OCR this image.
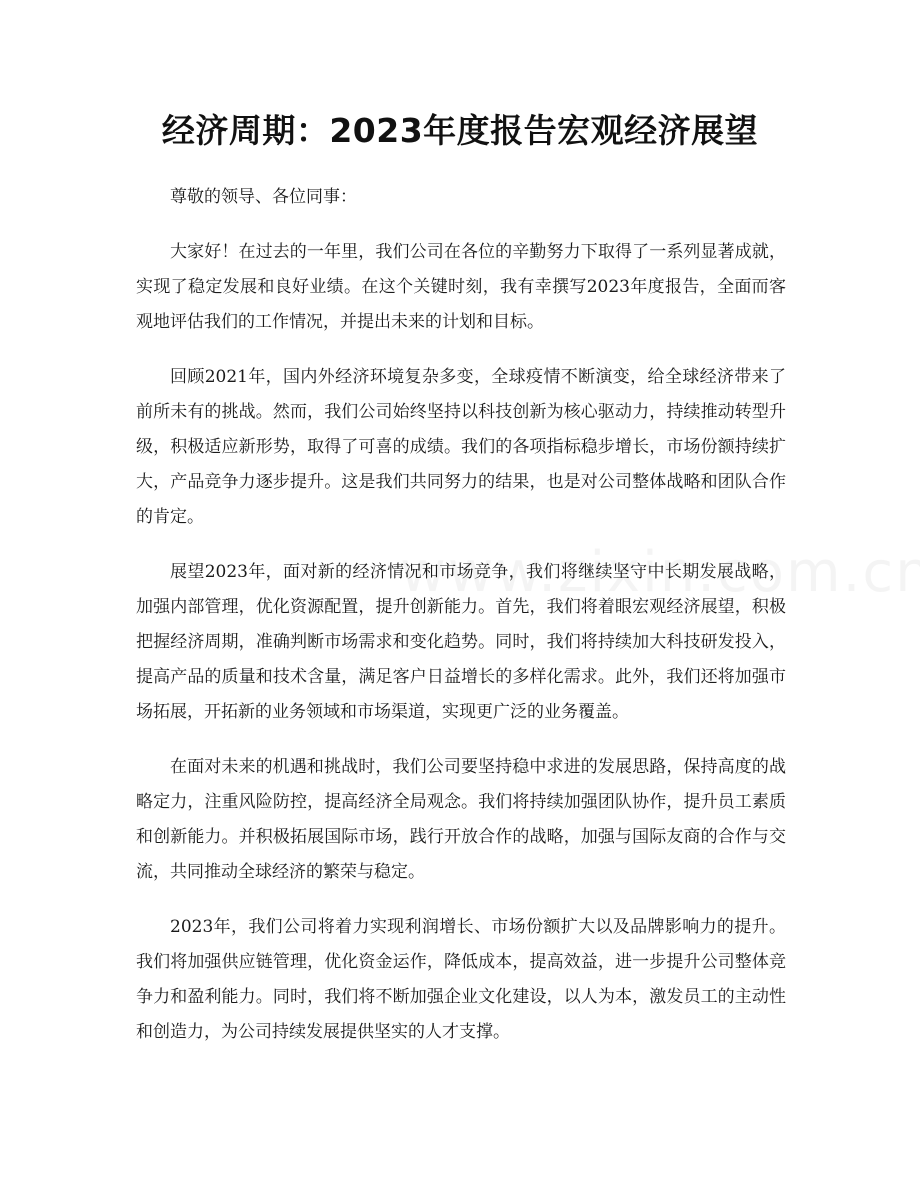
经济周期：2023年度报告宏观经济展望

尊敬的领导、各位同事：

大家好！在过去的一年里，我们公司在各位的辛勤努力下取得了一系列显著成就，实现了稳定发展和良好业绩。在这个关键时刻，我有幸撰写2023年度报告，全面而客观地评估我们的工作情况，并提出未来的计划和目标。

回顾2021年，国内外经济环境复杂多变，全球疫情不断演变，给全球经济带来了前所未有的挑战。然而，我们公司始终坚持以科技创新为核心驱动力，持续推动转型升级，积极适应新形势，取得了可喜的成绩。我们的各项指标稳步增长，市场份额持续扩大，产品竞争力逐步提升。这是我们共同努力的结果，也是对公司整体战略和团队合作的肯定。

展望2023年，面对新的经济情况和市场竞争，我们将继续坚守中长期发展战略，加强内部管理，优化资源配置，提升创新能力。首先，我们将着眼宏观经济展望，积极把握经济周期，准确判断市场需求和变化趋势。同时，我们将持续加大科技研发投入，提高产品的质量和技术含量，满足客户日益增长的多样化需求。此外，我们还将加强市场拓展，开拓新的业务领域和市场渠道，实现更广泛的业务覆盖。

在面对未来的机遇和挑战时，我们公司要坚持稳中求进的发展思路，保持高度的战略定力，注重风险防控，提高经济全局观念。我们将持续加强团队协作，提升员工素质和创新能力。并积极拓展国际市场，践行开放合作的战略，加强与国际友商的合作与交流，共同推动全球经济的繁荣与稳定。

2023年，我们公司将着力实现利润增长、市场份额扩大以及品牌影响力的提升。我们将加强供应链管理，优化资金运作，降低成本，提高效益，进一步提升公司整体竞争力和盈利能力。同时，我们将不断加强企业文化建设，以人为本，激发员工的主动性和创造力，为公司持续发展提供坚实的人才支撑。
